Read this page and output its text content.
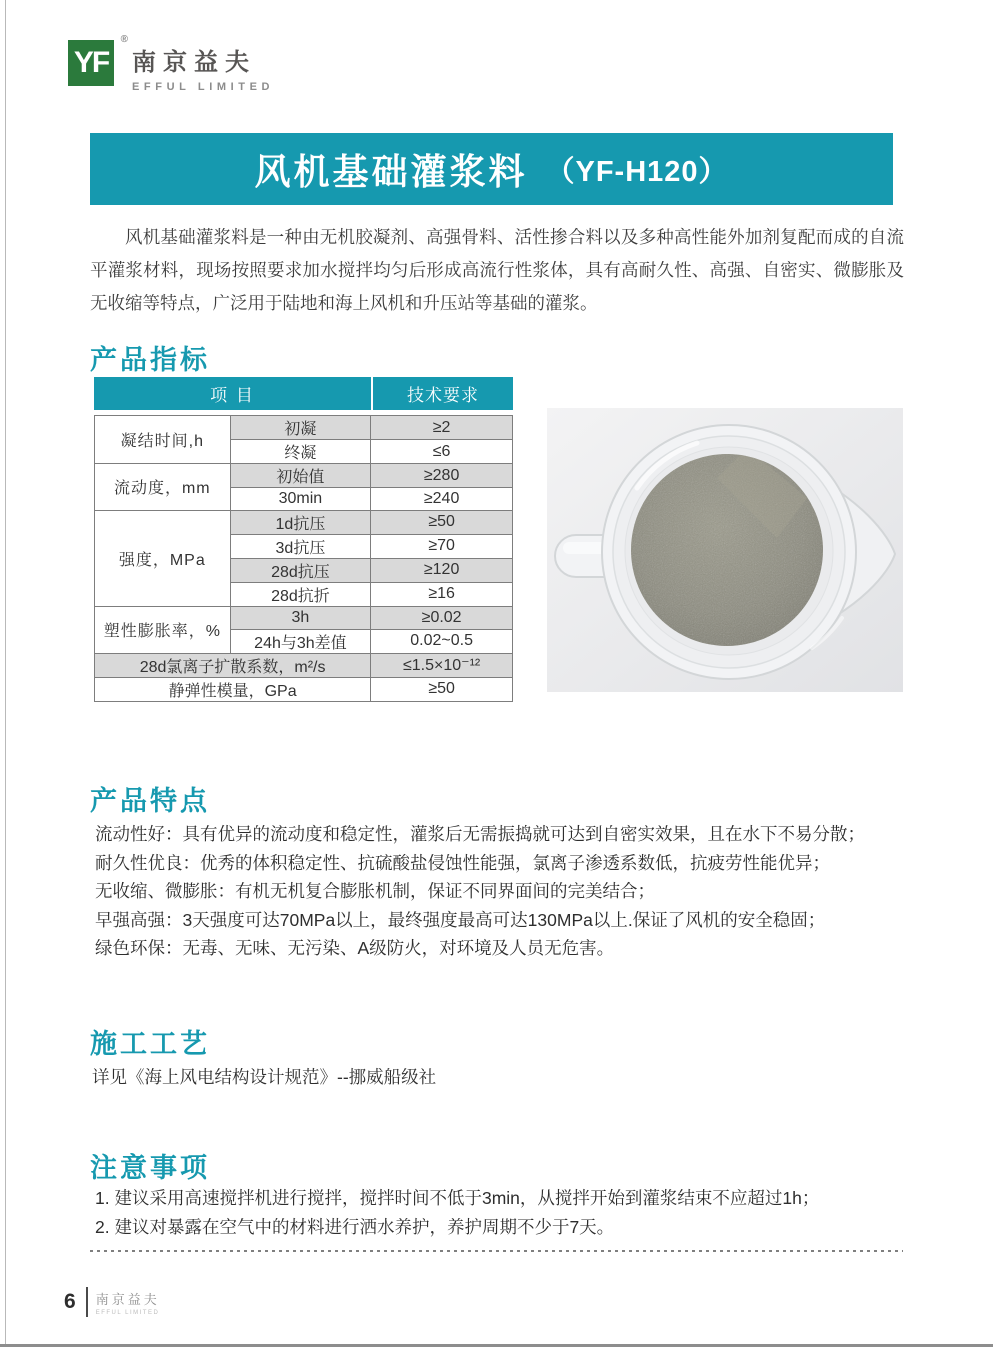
YF
®
南京益夫
EFFUL LIMITED
风机基础灌浆料 （YF-H120）

风机基础灌浆料是一种由无机胶凝剂、高强骨料、活性掺合料以及多种高性能外加剂复配而成的自流平灌浆材料，现场按照要求加水搅拌均匀后形成高流行性浆体，具有高耐久性、高强、自密实、微膨胀及无收缩等特点，广泛用于陆地和海上风机和升压站等基础的灌浆。

产品指标
项 目	技术要求
凝结时间,h	初凝	≥2
	终凝	≤6
流动度，mm	初始值	≥280
	30min	≥240
强度，MPa	1d抗压	≥50
	3d抗压	≥70
	28d抗压	≥120
	28d抗折	≥16
塑性膨胀率，%	3h	≥0.02
	24h与3h差值	0.02~0.5
28d氯离子扩散系数，m²/s		≤1.5×10⁻¹²
静弹性模量，GPa		≥50
产品特点
流动性好：具有优异的流动度和稳定性，灌浆后无需振捣就可达到自密实效果，且在水下不易分散；
耐久性优良：优秀的体积稳定性、抗硫酸盐侵蚀性能强，氯离子渗透系数低，抗疲劳性能优异；
无收缩、微膨胀：有机无机复合膨胀机制，保证不同界面间的完美结合；
早强高强：3天强度可达70MPa以上，最终强度最高可达130MPa以上.保证了风机的安全稳固；
绿色环保：无毒、无味、无污染、A级防火，对环境及人员无危害。
施工工艺
详见《海上风电结构设计规范》--挪威船级社
注意事项
1. 建议采用高速搅拌机进行搅拌，搅拌时间不低于3min，从搅拌开始到灌浆结束不应超过1h；
2. 建议对暴露在空气中的材料进行洒水养护，养护周期不少于7天。
6 南京益夫
EFFUL LIMITED
